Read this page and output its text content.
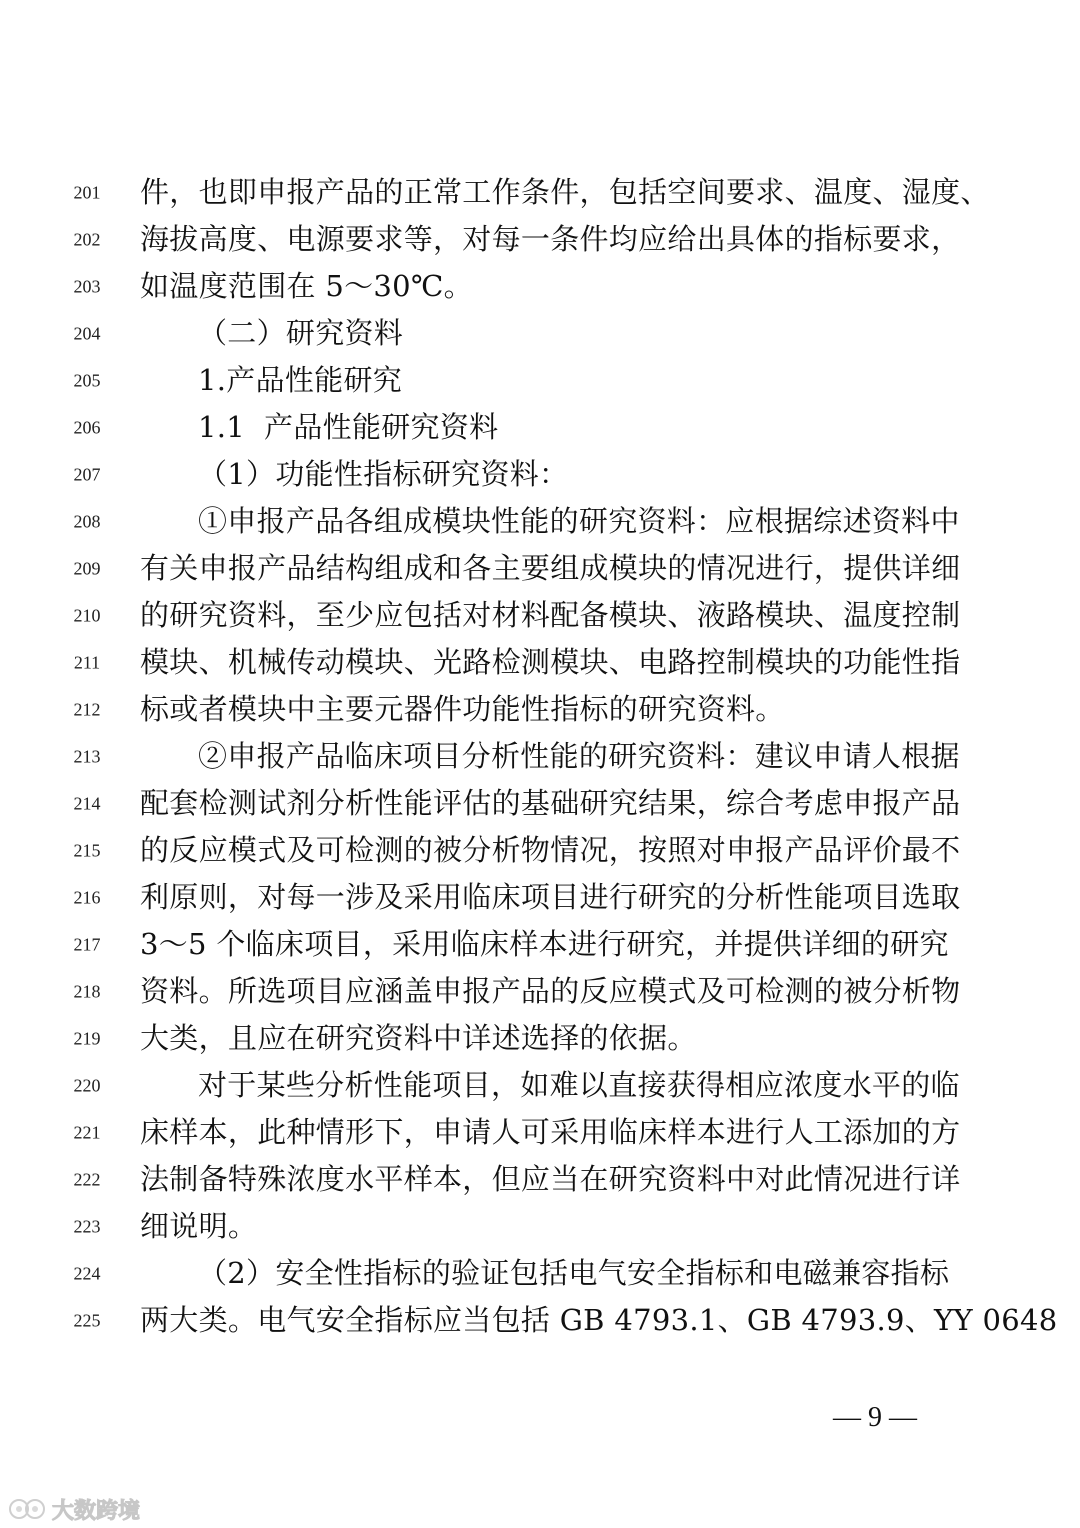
201	件，也即申报产品的正常工作条件，包括空间要求、温度、湿度、
202	海拔高度、电源要求等，对每一条件均应给出具体的指标要求，
203	如温度范围在 5～30℃。
204	（二）研究资料
205	1.产品性能研究
206	1.1  产品性能研究资料
207	（1）功能性指标研究资料：
208	①申报产品各组成模块性能的研究资料：应根据综述资料中
209	有关申报产品结构组成和各主要组成模块的情况进行，提供详细
210	的研究资料，至少应包括对材料配备模块、液路模块、温度控制
211	模块、机械传动模块、光路检测模块、电路控制模块的功能性指
212	标或者模块中主要元器件功能性指标的研究资料。
213	②申报产品临床项目分析性能的研究资料：建议申请人根据
214	配套检测试剂分析性能评估的基础研究结果，综合考虑申报产品
215	的反应模式及可检测的被分析物情况，按照对申报产品评价最不
216	利原则，对每一涉及采用临床项目进行研究的分析性能项目选取
217	3～5 个临床项目，采用临床样本进行研究，并提供详细的研究
218	资料。所选项目应涵盖申报产品的反应模式及可检测的被分析物
219	大类，且应在研究资料中详述选择的依据。
220	对于某些分析性能项目，如难以直接获得相应浓度水平的临
221	床样本，此种情形下，申请人可采用临床样本进行人工添加的方
222	法制备特殊浓度水平样本，但应当在研究资料中对此情况进行详
223	细说明。
224	（2）安全性指标的验证包括电气安全指标和电磁兼容指标
225	两大类。电气安全指标应当包括 GB 4793.1、GB 4793.9、YY 0648
— 9 —
大数跨境
